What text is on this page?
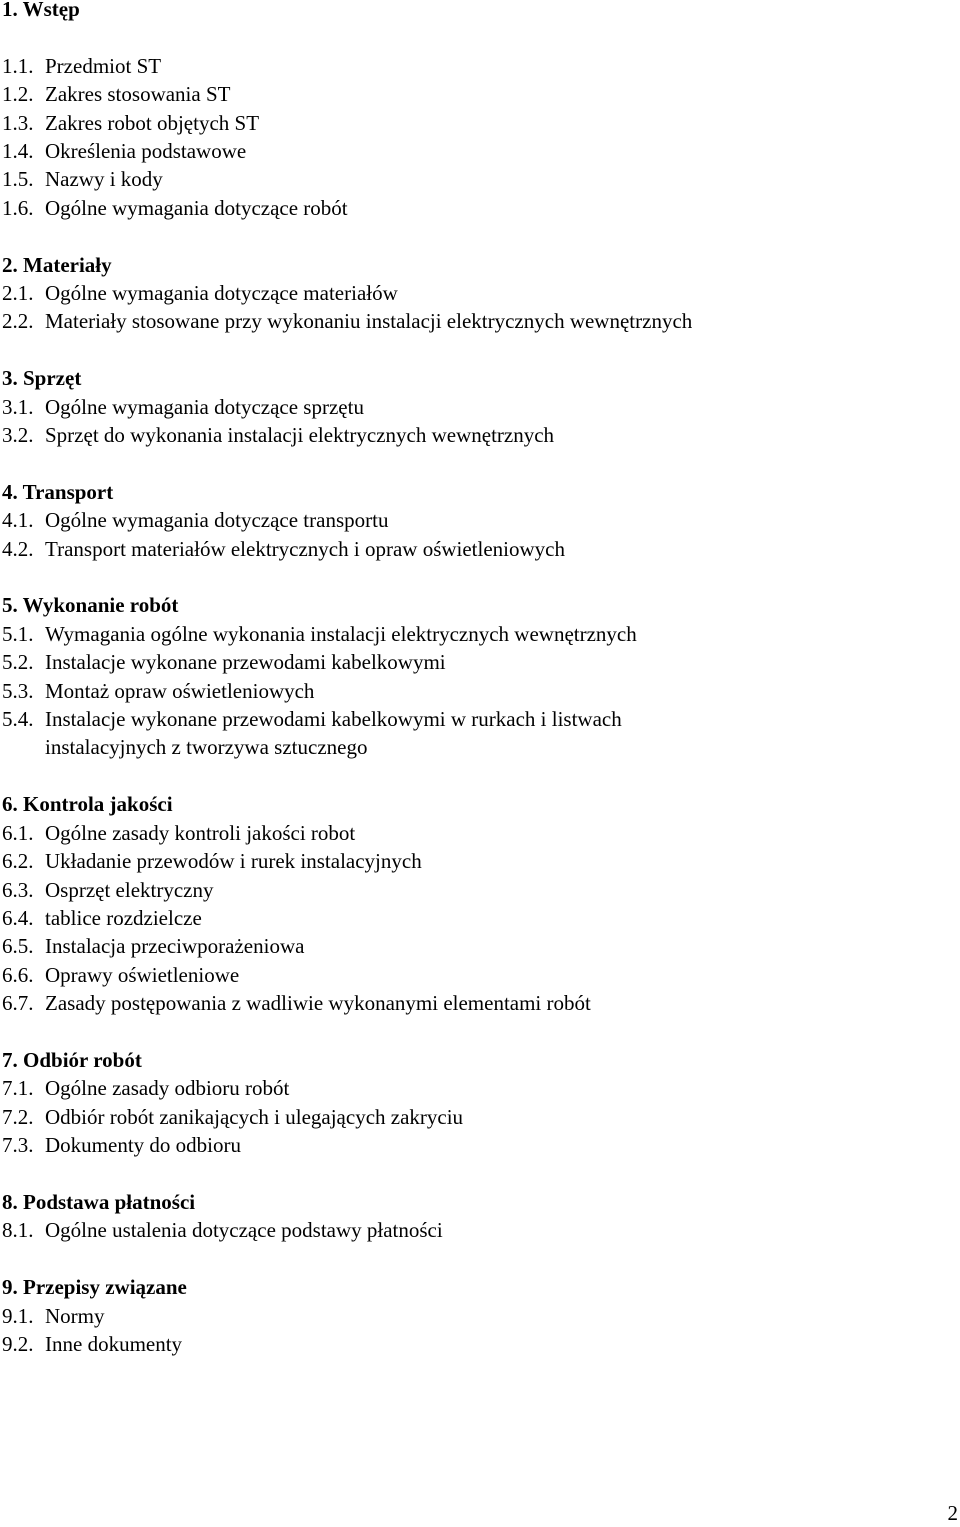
1. Wstęp
1.1. Przedmiot ST
1.2. Zakres stosowania ST
1.3. Zakres robot objętych ST
1.4. Określenia podstawowe
1.5. Nazwy i kody
1.6. Ogólne wymagania dotyczące robót
2. Materiały
2.1. Ogólne wymagania dotyczące materiałów
2.2. Materiały stosowane przy wykonaniu instalacji elektrycznych wewnętrznych
3. Sprzęt
3.1. Ogólne wymagania dotyczące sprzętu
3.2. Sprzęt do wykonania instalacji elektrycznych wewnętrznych
4. Transport
4.1. Ogólne wymagania dotyczące transportu
4.2. Transport materiałów elektrycznych i opraw oświetleniowych
5. Wykonanie robót
5.1. Wymagania ogólne wykonania instalacji elektrycznych wewnętrznych
5.2. Instalacje wykonane przewodami kabelkowymi
5.3. Montaż opraw oświetleniowych
5.4. Instalacje wykonane przewodami kabelkowymi w rurkach i listwach instalacyjnych z tworzywa sztucznego
6. Kontrola jakości
6.1. Ogólne zasady kontroli jakości robot
6.2. Układanie przewodów i rurek instalacyjnych
6.3. Osprzęt elektryczny
6.4. tablice rozdzielcze
6.5. Instalacja przeciwporażeniowa
6.6. Oprawy oświetleniowe
6.7. Zasady postępowania z wadliwie wykonanymi elementami robót
7. Odbiór robót
7.1. Ogólne zasady odbioru robót
7.2. Odbiór robót zanikających i ulegających zakryciu
7.3. Dokumenty do odbioru
8. Podstawa płatności
8.1. Ogólne ustalenia dotyczące podstawy płatności
9. Przepisy związane
9.1. Normy
9.2. Inne dokumenty
2
